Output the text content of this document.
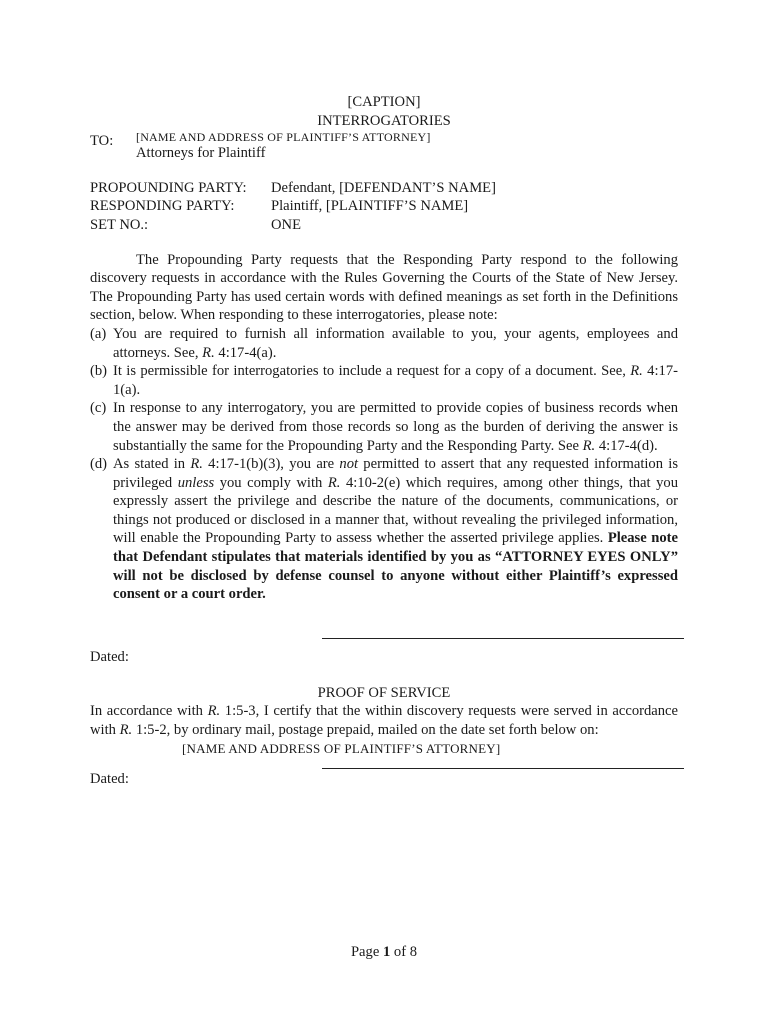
[CAPTION]
INTERROGATORIES
TO:	[NAME AND ADDRESS OF PLAINTIFF’S ATTORNEY]
Attorneys for Plaintiff
PROPOUNDING PARTY:	Defendant, [DEFENDANT’S NAME]
RESPONDING PARTY:	Plaintiff, [PLAINTIFF’S NAME]
SET NO.:	ONE
The Propounding Party requests that the Responding Party respond to the following discovery requests in accordance with the Rules Governing the Courts of the State of New Jersey. The Propounding Party has used certain words with defined meanings as set forth in the Definitions section, below. When responding to these interrogatories, please note:
(a) You are required to furnish all information available to you, your agents, employees and attorneys. See, R. 4:17-4(a).
(b) It is permissible for interrogatories to include a request for a copy of a document. See, R. 4:17-1(a).
(c) In response to any interrogatory, you are permitted to provide copies of business records when the answer may be derived from those records so long as the burden of deriving the answer is substantially the same for the Propounding Party and the Responding Party. See R. 4:17-4(d).
(d) As stated in R. 4:17-1(b)(3), you are not permitted to assert that any requested information is privileged unless you comply with R. 4:10-2(e) which requires, among other things, that you expressly assert the privilege and describe the nature of the documents, communications, or things not produced or disclosed in a manner that, without revealing the privileged information, will enable the Propounding Party to assess whether the asserted privilege applies. Please note that Defendant stipulates that materials identified by you as “ATTORNEY EYES ONLY” will not be disclosed by defense counsel to anyone without either Plaintiff’s expressed consent or a court order.
Dated:
PROOF OF SERVICE
In accordance with R. 1:5-3, I certify that the within discovery requests were served in accordance with R. 1:5-2, by ordinary mail, postage prepaid, mailed on the date set forth below on:
[NAME AND ADDRESS OF PLAINTIFF’S ATTORNEY]
Dated:
Page 1 of 8
